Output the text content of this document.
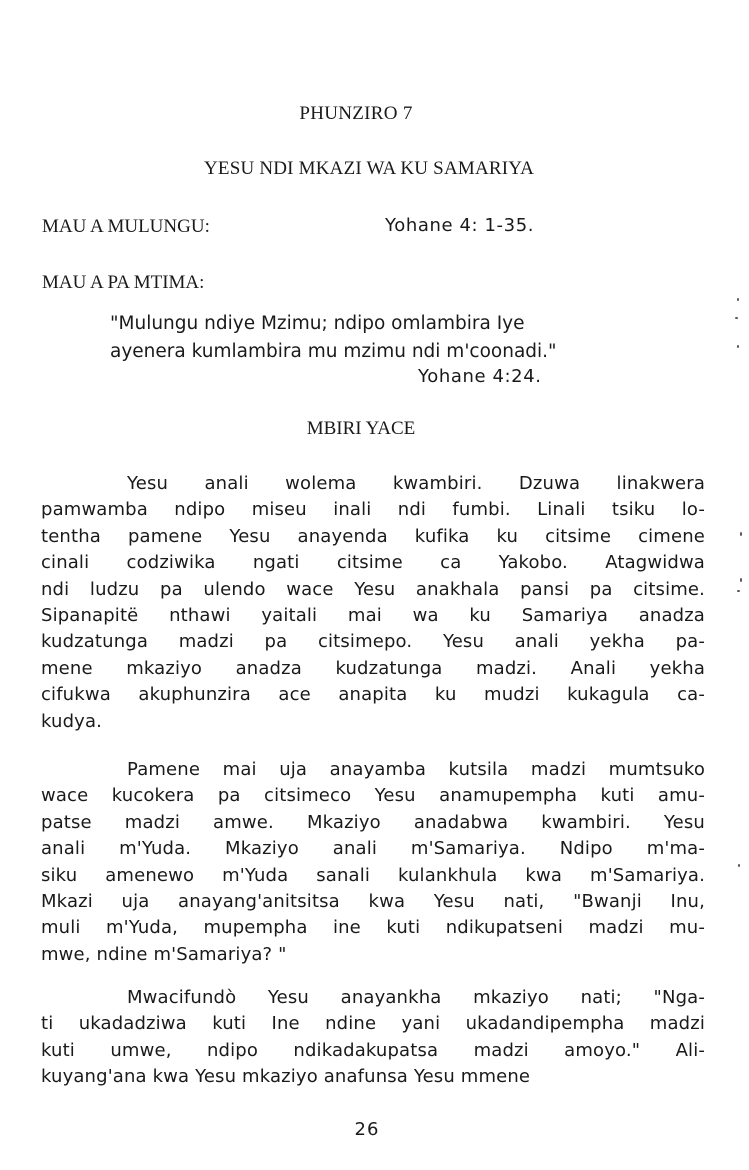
PHUNZIRO 7
YESU NDI MKAZI WA KU SAMARIYA
MAU A MULUNGU:	Yohane 4: 1-35.
MAU A PA MTIMA:
"Mulungu ndiye Mzimu; ndipo omlambira Iye
ayenera kumlambira mu mzimu ndi m'coonadi."
Yohane 4:24.
MBIRI YACE
Yesu anali wolema kwambiri. Dzuwa linakwera
pamwamba ndipo miseu inali ndi fumbi. Linali tsiku lo-
tentha pamene Yesu anayenda kufika ku citsime cimene
cinali codziwika ngati citsime ca Yakobo. Atagwidwa
ndi ludzu pa ulendo wace Yesu anakhala pansi pa citsime.
Sipanapitë nthawi yaitali mai wa ku Samariya anadza
kudzatunga madzi pa citsimepo. Yesu anali yekha pa-
mene mkaziyo anadza kudzatunga madzi. Anali yekha
cifukwa akuphunzira ace anapita ku mudzi kukagula ca-
kudya.
Pamene mai uja anayamba kutsila madzi mumtsuko
wace kucokera pa citsimeco Yesu anamupempha kuti amu-
patse madzi amwe. Mkaziyo anadabwa kwambiri. Yesu
anali m'Yuda. Mkaziyo anali m'Samariya. Ndipo m'ma-
siku amenewo m'Yuda sanali kulankhula kwa m'Samariya.
Mkazi uja anayang'anitsitsa kwa Yesu nati, "Bwanji Inu,
muli m'Yuda, mupempha ine kuti ndikupatseni madzi mu-
mwe, ndine m'Samariya? "
Mwacifundò Yesu anayankha mkaziyo nati; "Nga-
ti ukadadziwa kuti Ine ndine yani ukadandipempha madzi
kuti umwe, ndipo ndikadakupatsa madzi amoyo." Ali-
kuyang'ana kwa Yesu mkaziyo anafunsa Yesu mmene
26
